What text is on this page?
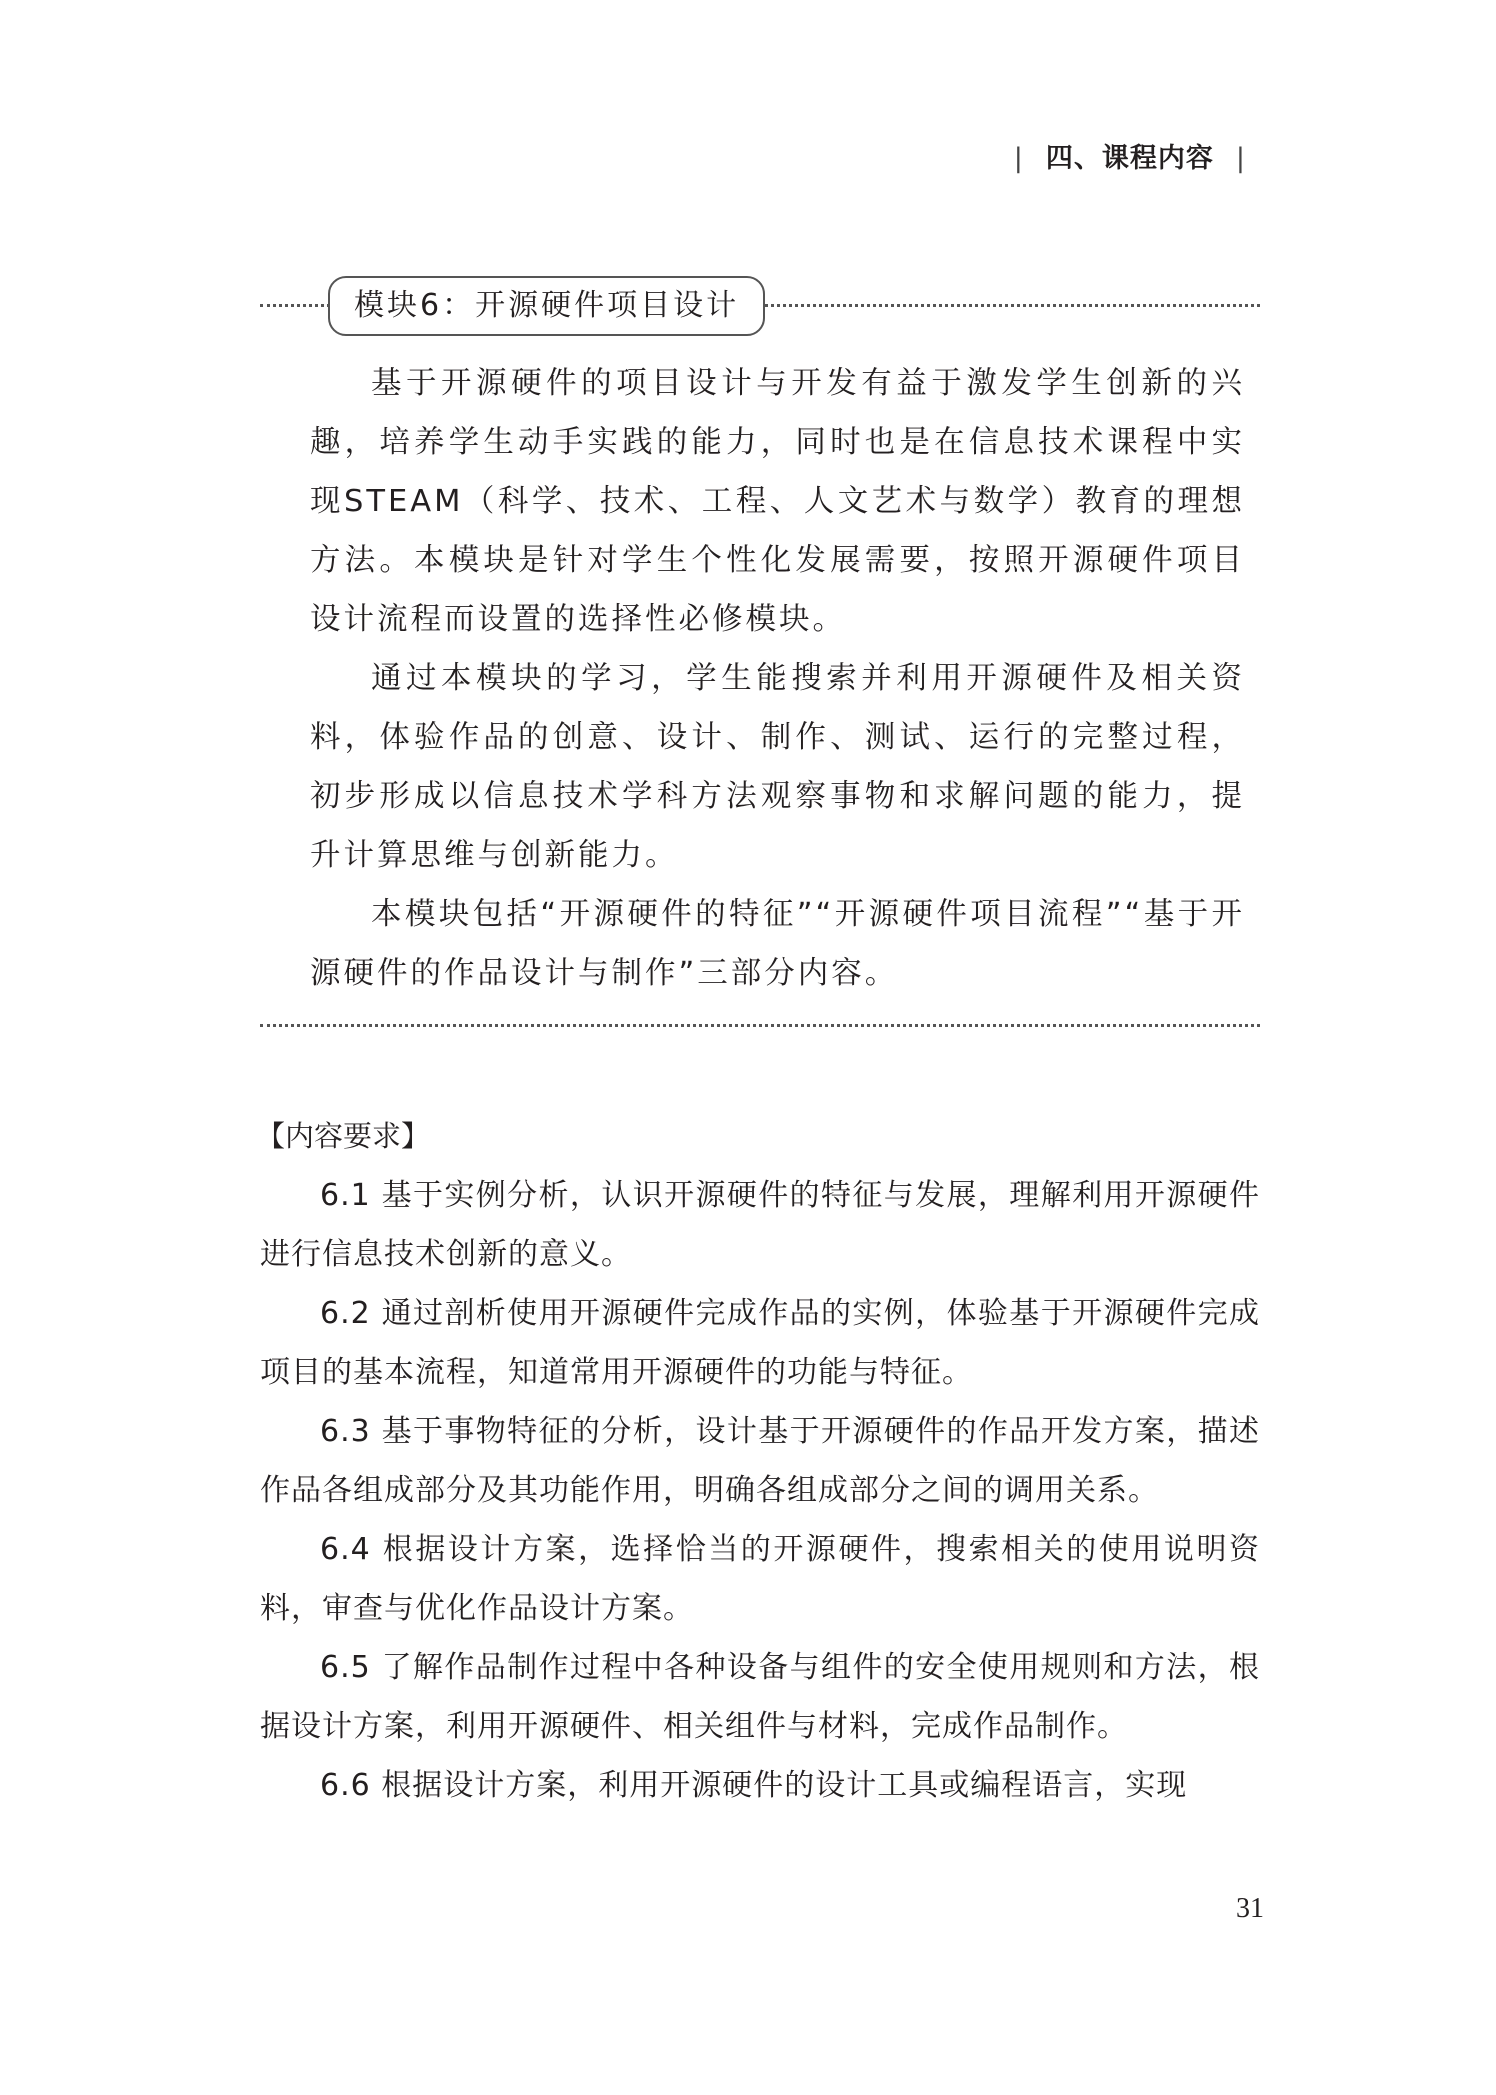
| 四、课程内容 |
模块6：开源硬件项目设计

基于开源硬件的项目设计与开发有益于激发学生创新的兴趣，培养学生动手实践的能力，同时也是在信息技术课程中实现STEAM（科学、技术、工程、人文艺术与数学）教育的理想方法。本模块是针对学生个性化发展需要，按照开源硬件项目设计流程而设置的选择性必修模块。

通过本模块的学习，学生能搜索并利用开源硬件及相关资料，体验作品的创意、设计、制作、测试、运行的完整过程，初步形成以信息技术学科方法观察事物和求解问题的能力，提升计算思维与创新能力。

本模块包括“开源硬件的特征”“开源硬件项目流程”“基于开源硬件的作品设计与制作”三部分内容。

【内容要求】

6.1 基于实例分析，认识开源硬件的特征与发展，理解利用开源硬件进行信息技术创新的意义。

6.2 通过剖析使用开源硬件完成作品的实例，体验基于开源硬件完成项目的基本流程，知道常用开源硬件的功能与特征。

6.3 基于事物特征的分析，设计基于开源硬件的作品开发方案，描述作品各组成部分及其功能作用，明确各组成部分之间的调用关系。

6.4 根据设计方案，选择恰当的开源硬件，搜索相关的使用说明资料，审查与优化作品设计方案。

6.5 了解作品制作过程中各种设备与组件的安全使用规则和方法，根据设计方案，利用开源硬件、相关组件与材料，完成作品制作。

6.6 根据设计方案，利用开源硬件的设计工具或编程语言，实现

31
